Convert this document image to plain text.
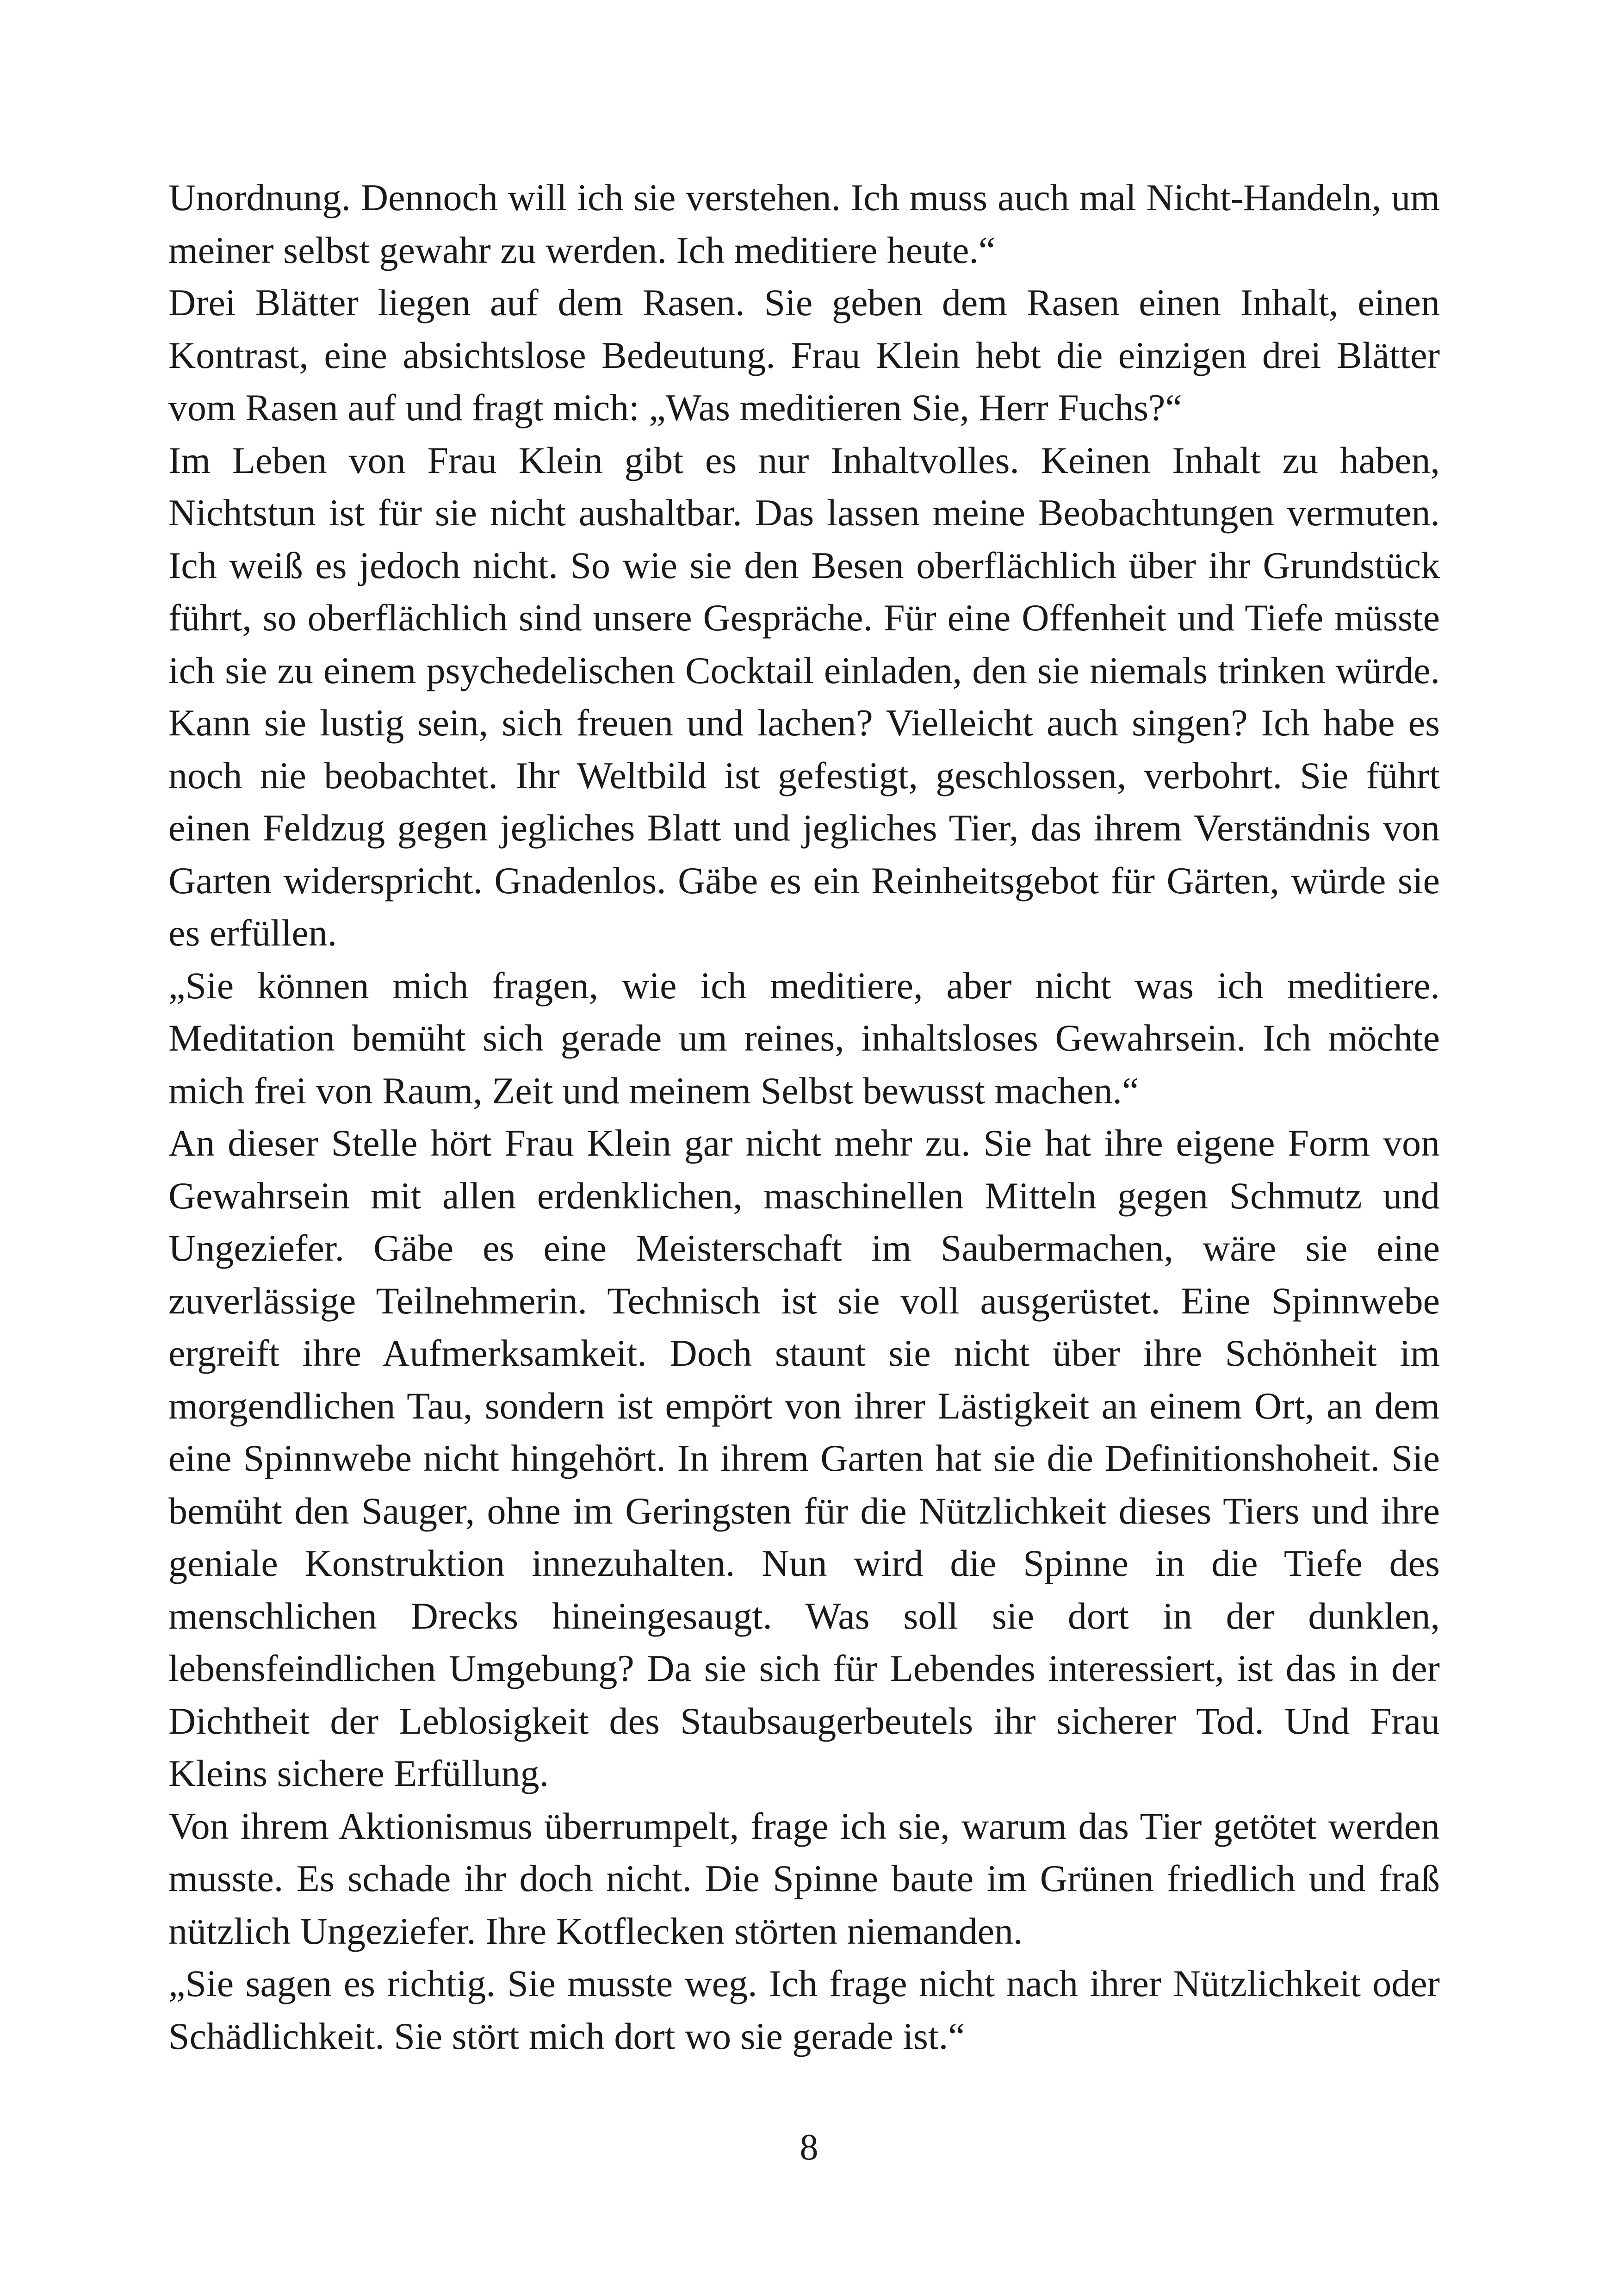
Unordnung. Dennoch will ich sie verstehen. Ich muss auch mal Nicht-Handeln, um meiner selbst gewahr zu werden. Ich meditiere heute.“

Drei Blätter liegen auf dem Rasen. Sie geben dem Rasen einen Inhalt, einen Kontrast, eine absichtslose Bedeutung. Frau Klein hebt die einzigen drei Blätter vom Rasen auf und fragt mich: „Was meditieren Sie, Herr Fuchs?“

Im Leben von Frau Klein gibt es nur Inhaltvolles. Keinen Inhalt zu haben, Nichtstun ist für sie nicht aushaltbar. Das lassen meine Beobachtungen vermuten. Ich weiß es jedoch nicht. So wie sie den Besen oberflächlich über ihr Grundstück führt, so oberflächlich sind unsere Gespräche. Für eine Offenheit und Tiefe müsste ich sie zu einem psychedelischen Cocktail einladen, den sie niemals trinken würde. Kann sie lustig sein, sich freuen und lachen? Vielleicht auch singen? Ich habe es noch nie beobachtet. Ihr Weltbild ist gefestigt, geschlossen, verbohrt. Sie führt einen Feldzug gegen jegliches Blatt und jegliches Tier, das ihrem Verständnis von Garten widerspricht. Gnadenlos. Gäbe es ein Reinheitsgebot für Gärten, würde sie es erfüllen.

„Sie können mich fragen, wie ich meditiere, aber nicht was ich meditiere. Meditation bemüht sich gerade um reines, inhaltsloses Gewahrsein. Ich möchte mich frei von Raum, Zeit und meinem Selbst bewusst machen.“

An dieser Stelle hört Frau Klein gar nicht mehr zu. Sie hat ihre eigene Form von Gewahrsein mit allen erdenklichen, maschinellen Mitteln gegen Schmutz und Ungeziefer. Gäbe es eine Meisterschaft im Saubermachen, wäre sie eine zuverlässige Teilnehmerin. Technisch ist sie voll ausgerüstet. Eine Spinnwebe ergreift ihre Aufmerksamkeit. Doch staunt sie nicht über ihre Schönheit im morgendlichen Tau, sondern ist empört von ihrer Lästigkeit an einem Ort, an dem eine Spinnwebe nicht hingehört. In ihrem Garten hat sie die Definitionshoheit. Sie bemüht den Sauger, ohne im Geringsten für die Nützlichkeit dieses Tiers und ihre geniale Konstruktion innezuhalten. Nun wird die Spinne in die Tiefe des menschlichen Drecks hineingesaugt. Was soll sie dort in der dunklen, lebensfeindlichen Umgebung? Da sie sich für Lebendes interessiert, ist das in der Dichtheit der Leblosigkeit des Staubsaugerbeutels ihr sicherer Tod. Und Frau Kleins sichere Erfüllung.

Von ihrem Aktionismus überrumpelt, frage ich sie, warum das Tier getötet werden musste. Es schade ihr doch nicht. Die Spinne baute im Grünen friedlich und fraß nützlich Ungeziefer. Ihre Kotflecken störten niemanden.

„Sie sagen es richtig. Sie musste weg. Ich frage nicht nach ihrer Nützlichkeit oder Schädlichkeit. Sie stört mich dort wo sie gerade ist.“

8
